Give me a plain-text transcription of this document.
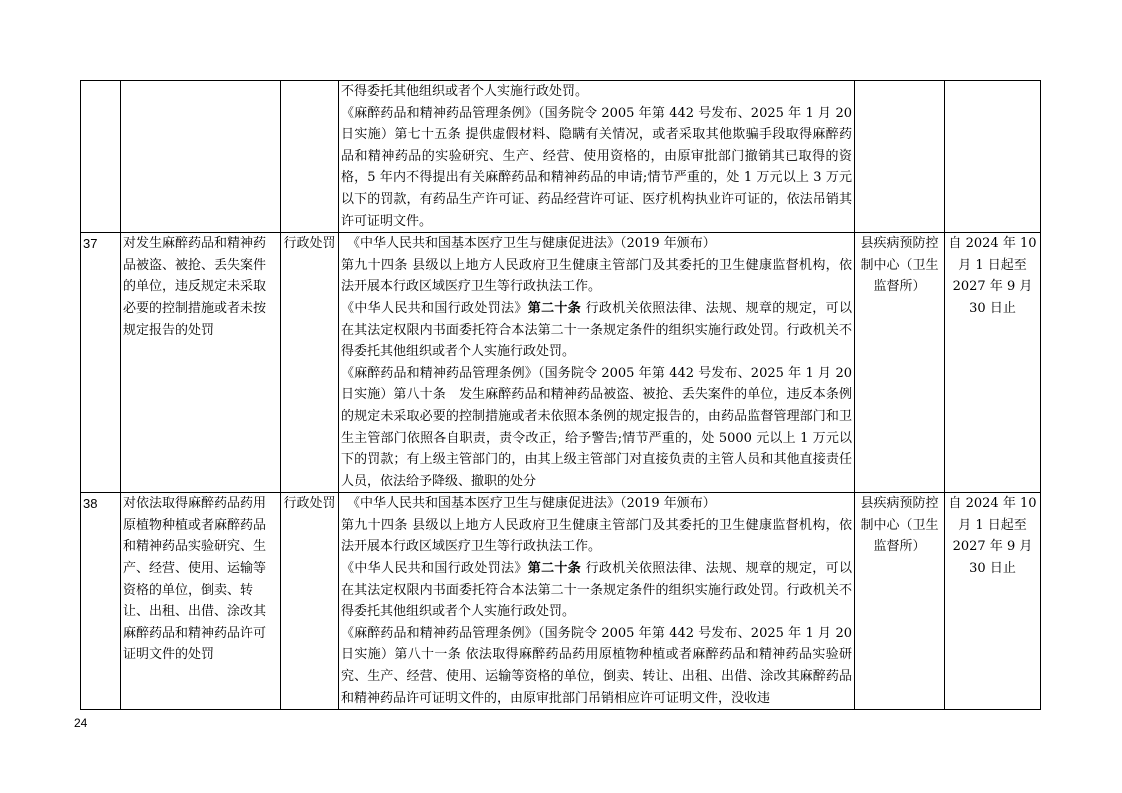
			不得委托其他组织或者个人实施行政处罚。

《麻醉药品和精神药品管理条例》（国务院令 2005 年第 442 号发布、2025 年 1 月 20 日实施）第七十五条 提供虚假材料、隐瞒有关情况，或者采取其他欺骗手段取得麻醉药品和精神药品的实验研究、生产、经营、使用资格的，由原审批部门撤销其已取得的资格，5 年内不得提出有关麻醉药品和精神药品的申请;情节严重的，处 1 万元以上 3 万元以下的罚款，有药品生产许可证、药品经营许可证、医疗机构执业许可证的，依法吊销其许可证明文件。		

37	对发生麻醉药品和精神药品被盗、被抢、丢失案件的单位，违反规定未采取必要的控制措施或者未按规定报告的处罚	行政处罚	《中华人民共和国基本医疗卫生与健康促进法》（2019 年颁布）

第九十四条 县级以上地方人民政府卫生健康主管部门及其委托的卫生健康监督机构，依法开展本行政区域医疗卫生等行政执法工作。

《中华人民共和国行政处罚法》第二十条 行政机关依照法律、法规、规章的规定，可以在其法定权限内书面委托符合本法第二十一条规定条件的组织实施行政处罚。行政机关不得委托其他组织或者个人实施行政处罚。

《麻醉药品和精神药品管理条例》（国务院令 2005 年第 442 号发布、2025 年 1 月 20 日实施）第八十条　发生麻醉药品和精神药品被盗、被抢、丢失案件的单位，违反本条例的规定未采取必要的控制措施或者未依照本条例的规定报告的，由药品监督管理部门和卫生主管部门依照各自职责，责令改正，给予警告;情节严重的，处 5000 元以上 1 万元以下的罚款；有上级主管部门的，由其上级主管部门对直接负责的主管人员和其他直接责任人员，依法给予降级、撤职的处分	县疾病预防控制中心（卫生监督所）	自 2024 年 10 月 1 日起至 2027 年 9 月 30 日止
38	对依法取得麻醉药品药用原植物种植或者麻醉药品和精神药品实验研究、生产、经营、使用、运输等资格的单位，倒卖、转让、出租、出借、涂改其麻醉药品和精神药品许可证明文件的处罚	行政处罚	《中华人民共和国基本医疗卫生与健康促进法》（2019 年颁布）

第九十四条 县级以上地方人民政府卫生健康主管部门及其委托的卫生健康监督机构，依法开展本行政区域医疗卫生等行政执法工作。

《中华人民共和国行政处罚法》第二十条 行政机关依照法律、法规、规章的规定，可以在其法定权限内书面委托符合本法第二十一条规定条件的组织实施行政处罚。行政机关不得委托其他组织或者个人实施行政处罚。

《麻醉药品和精神药品管理条例》（国务院令 2005 年第 442 号发布、2025 年 1 月 20 日实施）第八十一条 依法取得麻醉药品药用原植物种植或者麻醉药品和精神药品实验研究、生产、经营、使用、运输等资格的单位，倒卖、转让、出租、出借、涂改其麻醉药品和精神药品许可证明文件的，由原审批部门吊销相应许可证明文件，没收违	县疾病预防控制中心（卫生监督所）	自 2024 年 10 月 1 日起至 2027 年 9 月 30 日止
24
